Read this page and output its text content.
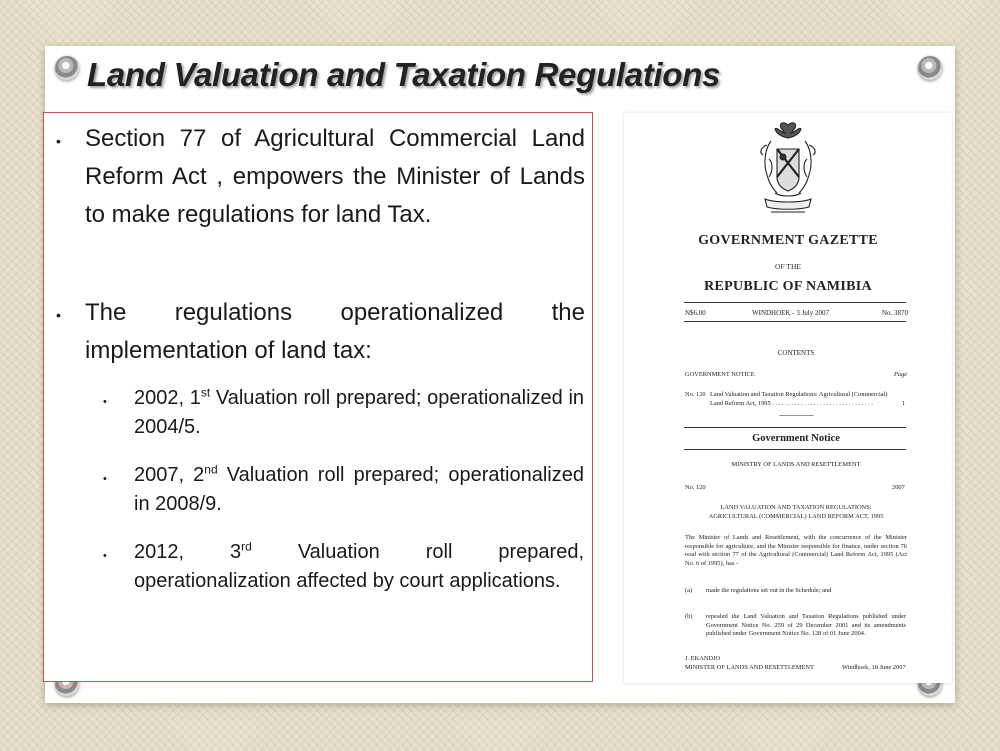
Land Valuation and Taxation Regulations
• Section 77 of Agricultural Commercial Land Reform Act , empowers the Minister of Lands to make regulations for land Tax.

• The regulations operationalized the

implementation of land tax:

• 2002, 1st Valuation roll prepared; operationalized in 2004/5.

• 2007, 2nd Valuation roll prepared; operationalized in 2008/9.

• 2012, 3rd Valuation roll prepared, operationalization affected by court applications.

GOVERNMENT GAZETTE

OF THE

REPUBLIC OF NAMIBIA

N$6.00	WINDHOEK - 3 July 2007	No. 3870

CONTENTS

GOVERNMENT NOTICE	Page

No. 120 Land Valuation and Taxation Regulations: Agricultural (Commercial) Land Reform Act, 1995 . . . . . . . . . . . . . . . . . . . . . . . . . . . . . . . .	1

------------------------------

Government Notice

MINISTRY OF LANDS AND RESETTLEMENT

No. 120	2007

LAND VALUATION AND TAXATION REGULATIONS:

AGRICULTURAL (COMMERCIAL) LAND REFORM ACT, 1995

The Minister of Lands and Resettlement, with the concurrence of the Minister responsible for agriculture, and the Minister responsible for finance, under section 76 read with section 77 of the Agricultural (Commercial) Land Reform Act, 1995 (Act No. 6 of 1995), has -

(a) made the regulations set out in the Schedule; and

(b) repealed the Land Valuation and Taxation Regulations published under Government Notice No. 259 of 29 December 2001 and its amendments published under Government Notice No. 128 of 01 June 2004.

J. EKANDJO

MINISTER OF LANDS AND RESETTLEMENT	Windhoek, 18 June 2007
